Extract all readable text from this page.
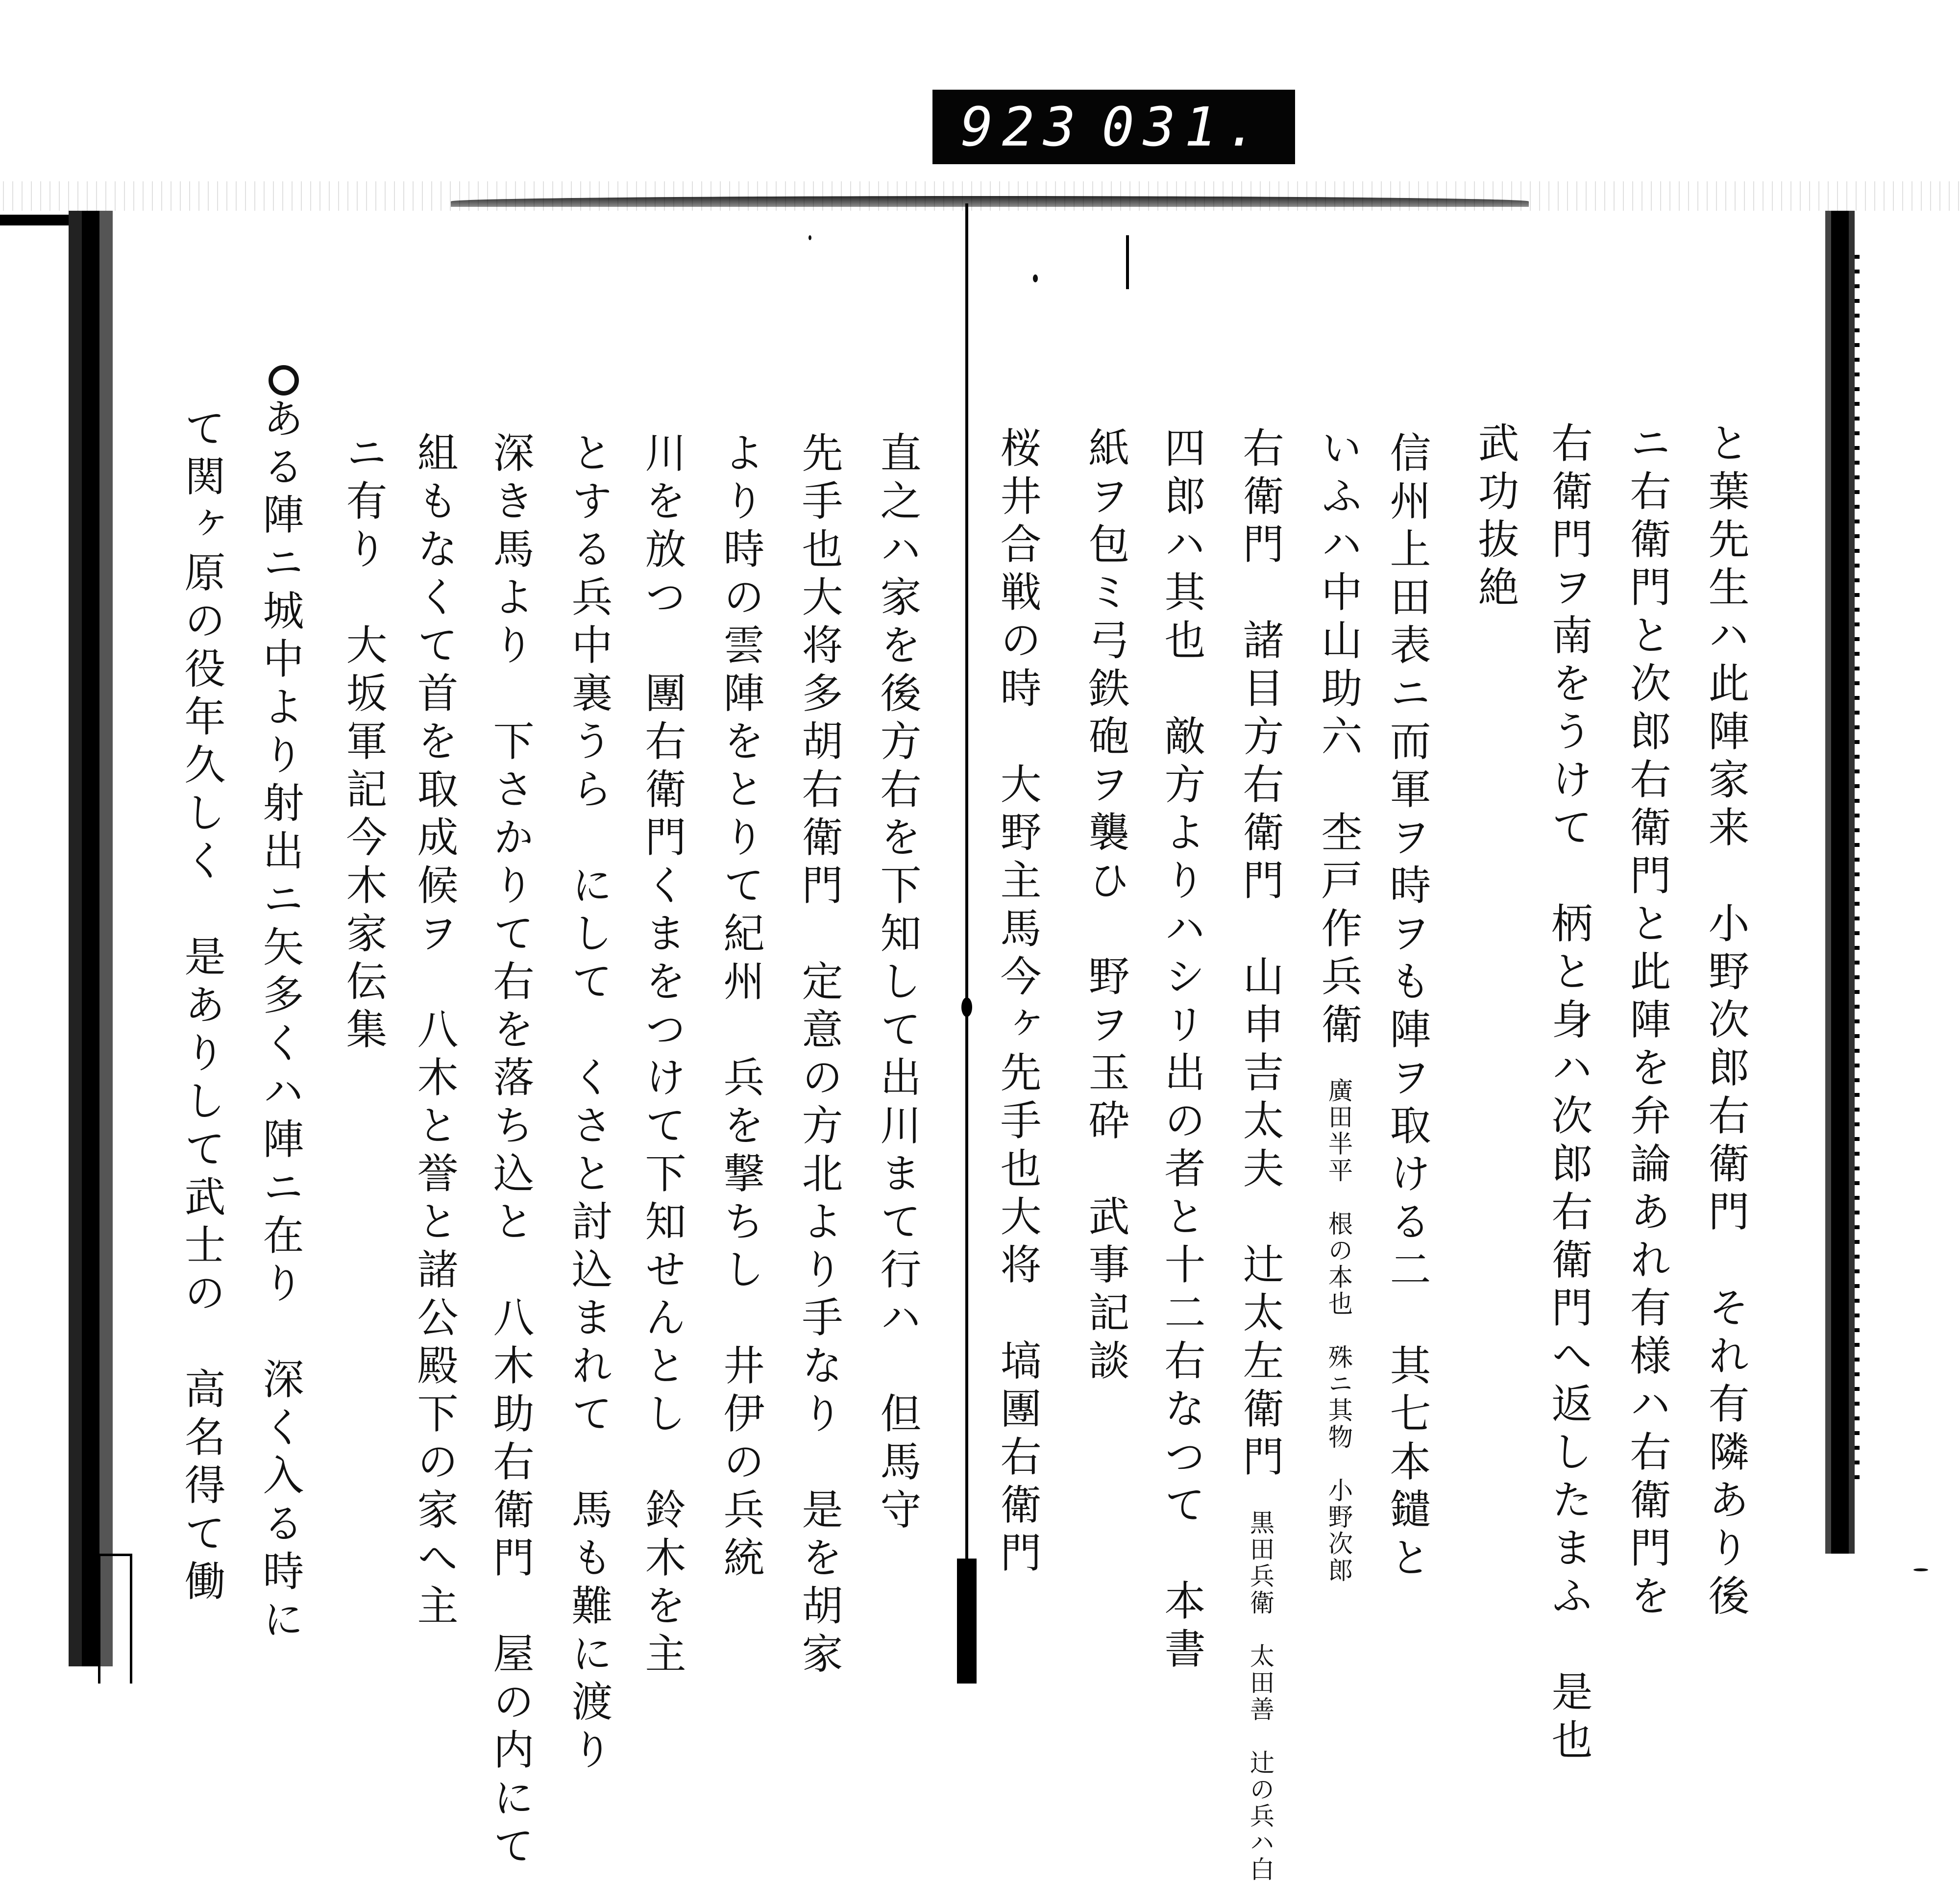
923 031.
と葉先生ハ此陣家来　小野次郎右衛門　それ有隣あり後
ニ右衛門と次郎右衛門と此陣を弁論あれ有様ハ右衛門を
右衛門ヲ南をうけて　柄と身ハ次郎右衛門へ返したまふ　是也
武功抜絶
信州上田表ニ而軍ヲ時ヲも陣ヲ取ける二　其七本鑓と
いふハ中山助六　杢戸作兵衛　廣田半平　根の本也　殊ニ其物　小野次郎
右衛門　諸目方右衛門　山申吉太夫　辻太左衛門　黒田兵衛　太田善　辻の兵ハ白
四郎ハ其也　敵方よりハシリ出の者と十二右なつて　本書
紙ヲ包ミ弓鉄砲ヲ襲ひ　野ヲ玉砕　武事記談
桜井合戦の時　大野主馬今ヶ先手也大将　塙團右衛門
直之ハ家を後方右を下知して出川まて行ハ　但馬守
先手也大将多胡右衛門　定意の方北より手なり　是を胡家
より時の雲陣をとりて紀州　兵を撃ちし　井伊の兵統
川を放つ　團右衛門くまをつけて下知せんとし　鈴木を主
とする兵中裏うら　にして　くさと討込まれて　馬も難に渡り
深き馬より　下さかりて右を落ち込と　八木助右衛門　屋の内にて
組もなくて首を取成候ヲ　八木と誉と諸公殿下の家へ主
ニ有り　大坂軍記今木家伝集
ある陣ニ城中より射出ニ矢多くハ陣ニ在り　深く入る時に
て関ヶ原の役年久しく　是ありして武士の　高名得て働
